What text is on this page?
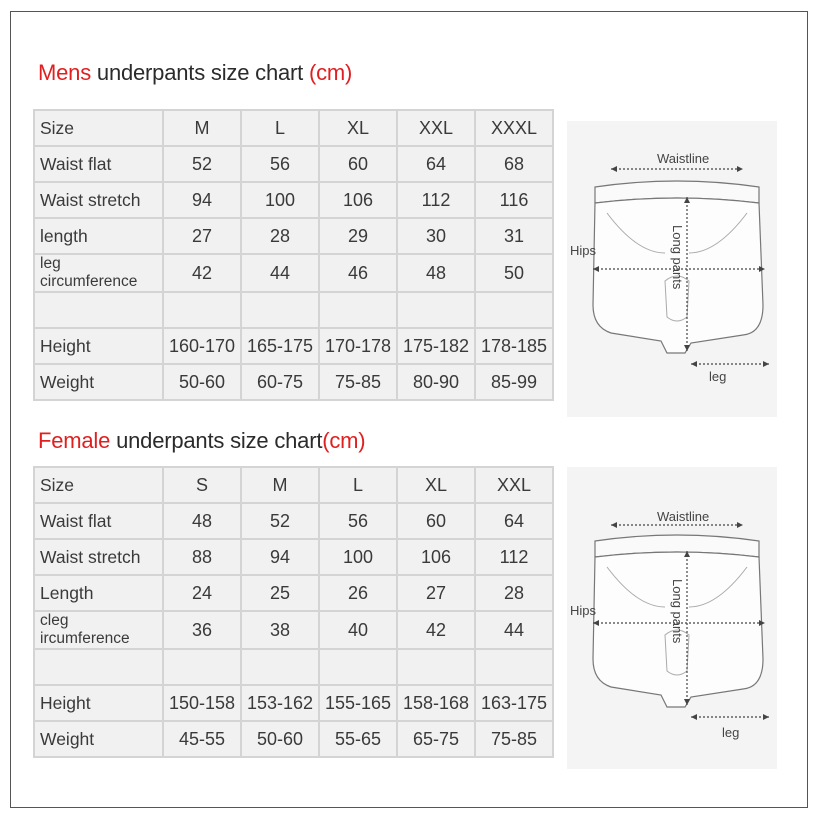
Mens underpants size chart (cm)
Size	M	L	XL	XXL	XXXL
Waist flat	52	56	60	64	68
Waist stretch	94	100	106	112	116
length	27	28	29	30	31
leg circumference	42	44	46	48	50

Height	160-170	165-175	170-178	175-182	178-185
Weight	50-60	60-75	75-85	80-90	85-99
Waistline
Hips	Long pants
leg
Female underpants size chart(cm)
Size	S	M	L	XL	XXL
Waist flat	48	52	56	60	64
Waist stretch	88	94	100	106	112
Length	24	25	26	27	28
cleg ircumference	36	38	40	42	44

Height	150-158	153-162	155-165	158-168	163-175
Weight	45-55	50-60	55-65	65-75	75-85
Waistline
Hips	Long pants
leg
